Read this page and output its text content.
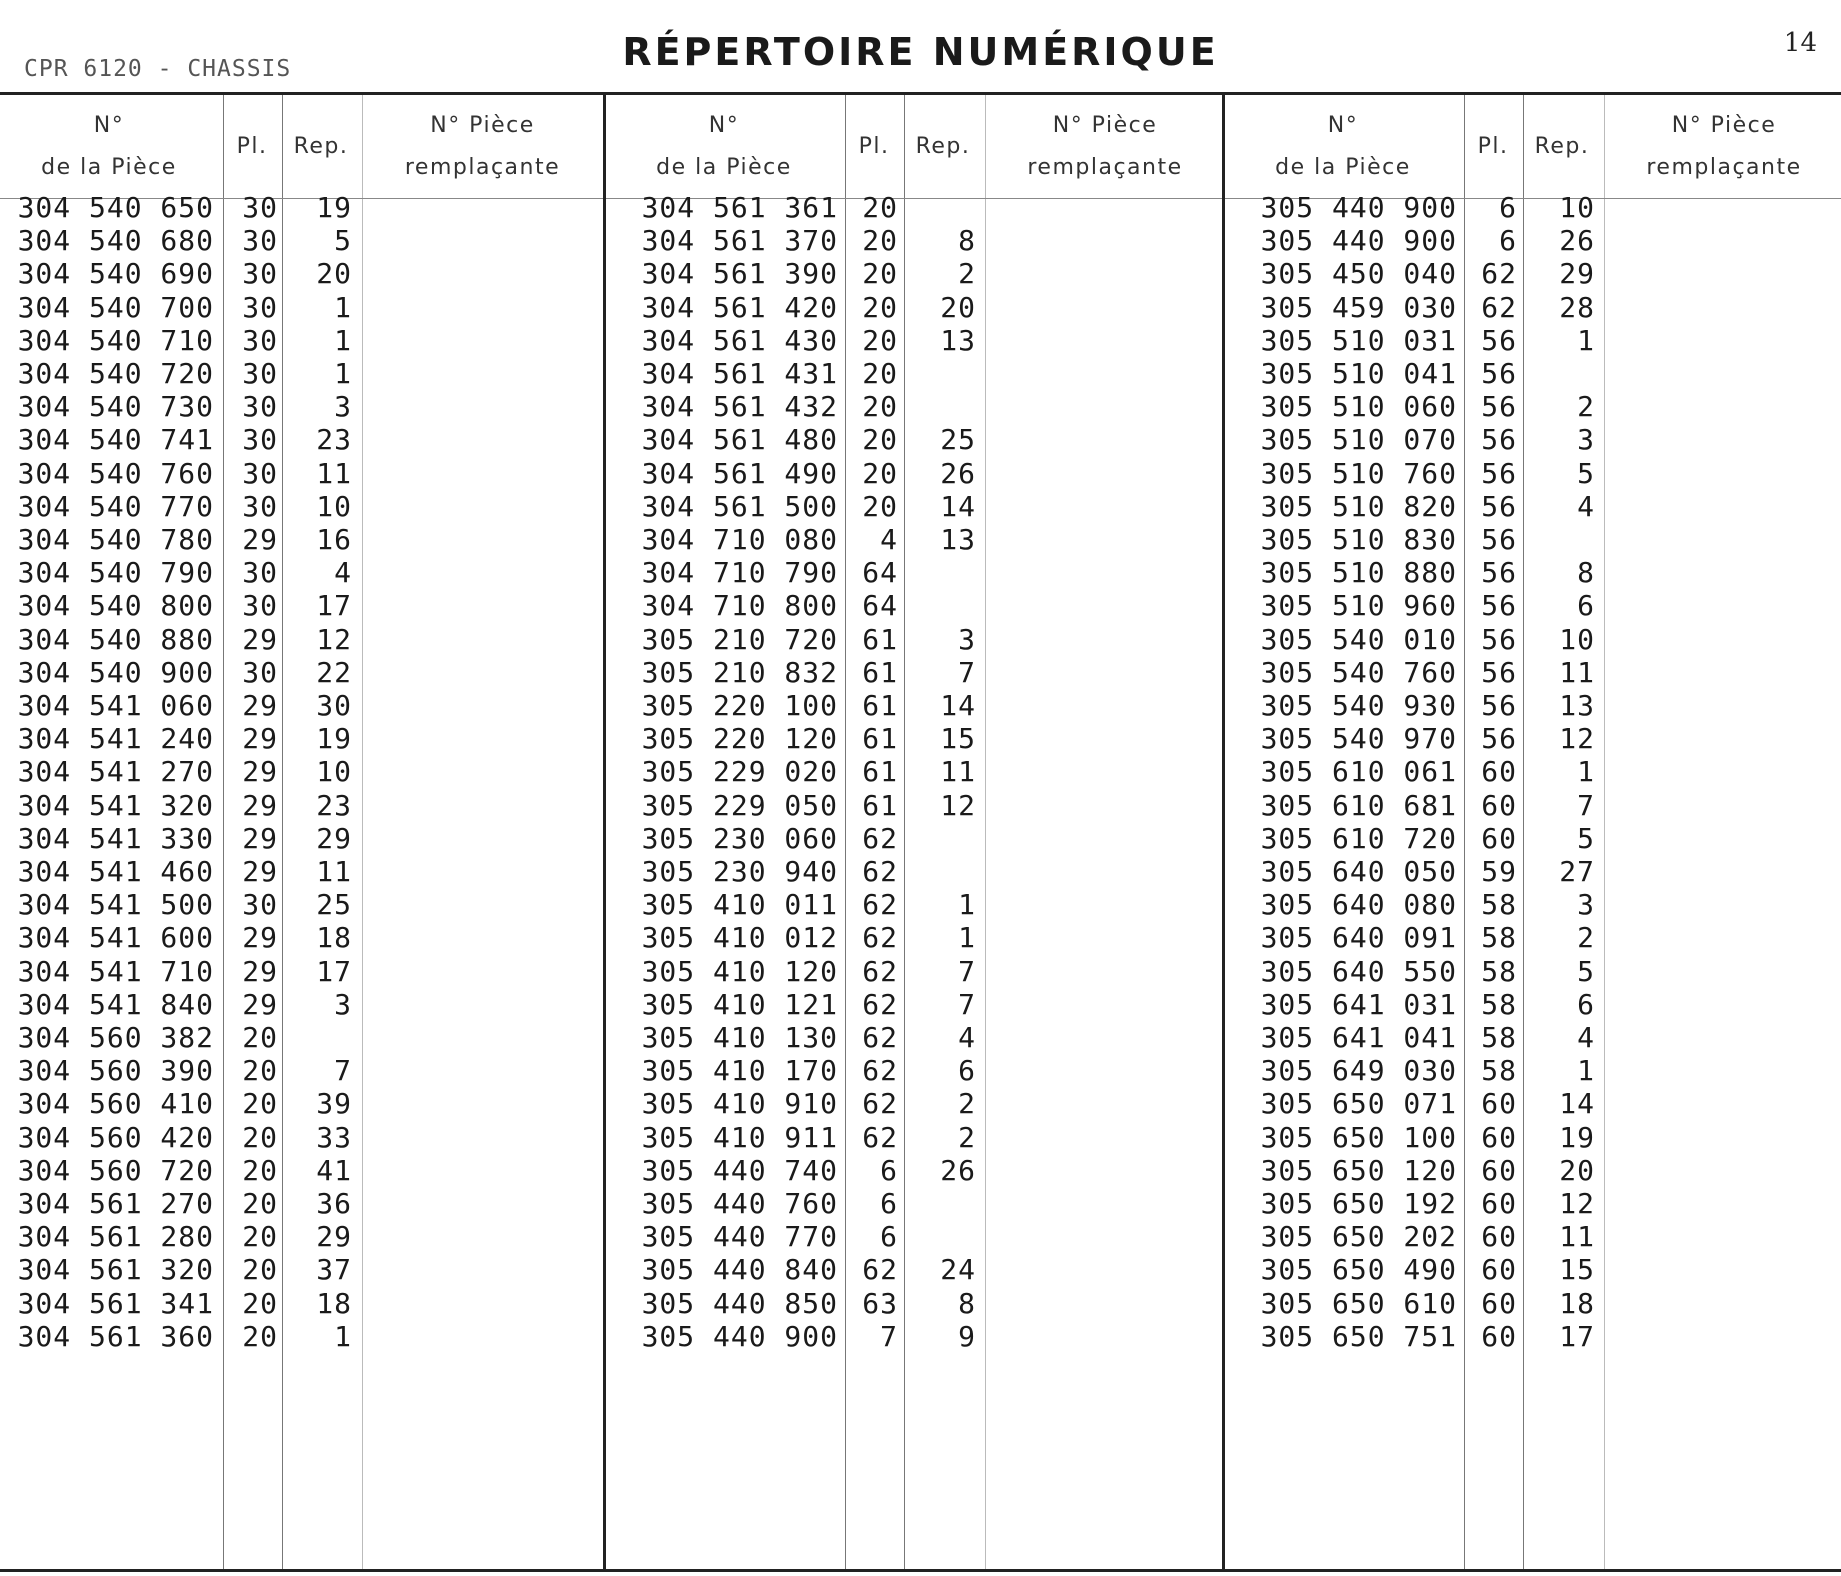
CPR 6120 - CHASSIS	RÉPERTOIRE NUMÉRIQUE	14
N°
de la Pièce
Pl. Rep.
N° Pièce
remplaçante
304 540 650	30	19
304 540 680	30	5
304 540 690	30	20
304 540 700	30	1
304 540 710	30	1
304 540 720	30	1
304 540 730	30	3
304 540 741	30	23
304 540 760	30	11
304 540 770	30	10
304 540 780	29	16
304 540 790	30	4
304 540 800	30	17
304 540 880	29	12
304 540 900	30	22
304 541 060	29	30
304 541 240	29	19
304 541 270	29	10
304 541 320	29	23
304 541 330	29	29
304 541 460	29	11
304 541 500	30	25
304 541 600	29	18
304 541 710	29	17
304 541 840	29	3
304 560 382	20
304 560 390	20	7
304 560 410	20	39
304 560 420	20	33
304 560 720	20	41
304 561 270	20	36
304 561 280	20	29
304 561 320	20	37
304 561 341	20	18
304 561 360	20	1
N°
de la Pièce
Pl. Rep.
N° Pièce
remplaçante
304 561 361 20
304 561 370 20	8
304 561 390 20	2
304 561 420 20	20
304 561 430 20	13
304 561 431 20
304 561 432 20
304 561 480 20	25
304 561 490 20	26
304 561 500 20	14
304 710 080	4	13
304 710 790 64
304 710 800 64
305 210 720 61	3
305 210 832 61	7
305 220 100 61	14
305 220 120 61	15
305 229 020 61	11
305 229 050 61	12
305 230 060 62
305 230 940 62
305 410 011 62	1
305 410 012 62	1
305 410 120 62	7
305 410 121 62	7
305 410 130 62	4
305 410 170 62	6
305 410 910 62	2
305 410 911 62	2
305 440 740	6	26
305 440 760	6
305 440 770	6
305 440 840 62	24
305 440 850 63	8
305 440 900	7	9
N°
de la Pièce
Pl. Rep.
N° Pièce
remplaçante
305 440 900	6	10
305 440 900	6	26
305 450 040 62	29
305 459 030 62	28
305 510 031 56	1
305 510 041 56
305 510 060 56	2
305 510 070 56	3
305 510 760 56	5
305 510 820 56	4
305 510 830 56
305 510 880 56	8
305 510 960 56	6
305 540 010 56	10
305 540 760 56	11
305 540 930 56	13
305 540 970 56	12
305 610 061 60	1
305 610 681 60	7
305 610 720 60	5
305 640 050 59	27
305 640 080 58	3
305 640 091 58	2
305 640 550 58	5
305 641 031 58	6
305 641 041 58	4
305 649 030 58	1
305 650 071 60	14
305 650 100 60	19
305 650 120 60	20
305 650 192 60	12
305 650 202 60	11
305 650 490 60	15
305 650 610 60	18
305 650 751 60	17
